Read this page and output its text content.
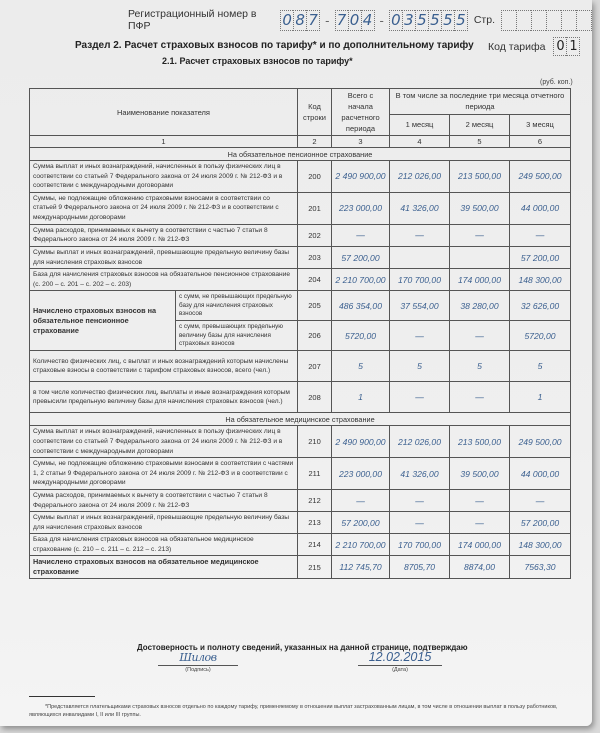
Регистрационный номер в ПФР	0 8 7 - 7 0 4 - 0 3 5 5 5 5 Стр.
Раздел 2. Расчет страховых взносов по тарифу* и по дополнительному тарифу Код тарифа 0 1
2.1. Расчет страховых взносов по тарифу*
(руб. коп.)
Наименование показателя		Код строки	Всего с начала расчетного периода	В том числе за последние три месяца отчетного периода		
				1 месяц	2 месяц	3 месяц
1		2	3	4	5	6
На обязательное пенсионное страхование						
Сумма выплат и иных вознаграждений, начисленных в пользу физических лиц в соответствии со статьей 7 Федерального закона от 24 июля 2009 г. № 212-ФЗ и в соответствии с международными договорами		200	2 490 900,00	212 026,00	213 500,00	249 500,00
Суммы, не подлежащие обложению страховыми взносами в соответствии со статьей 9 Федерального закона от 24 июля 2009 г. № 212-ФЗ и в соответствии с международными договорами		201	223 000,00	41 326,00	39 500,00	44 000,00
Сумма расходов, принимаемых к вычету в соответствии с частью 7 статьи 8 Федерального закона от 24 июля 2009 г. № 212-ФЗ		202	—	—	—	—
Суммы выплат и иных вознаграждений, превышающие предельную величину базы для начисления страховых взносов		203	57 200,00			57 200,00
База для начисления страховых взносов на обязательное пенсионное страхование (с. 200 – с. 201 – с. 202 – с. 203)		204	2 210 700,00	170 700,00	174 000,00	148 300,00
Начислено страховых взносов на обязательное пенсионное страхование	с сумм, не превышающих предельную базу для начисления страховых взносов	205	486 354,00	37 554,00	38 280,00	32 626,00
	с сумм, превышающих предельную величину базы для начисления страховых взносов	206	5720,00	—	—	5720,00
Количество физических лиц, с выплат и иных вознаграждений которым начислены страховые взносы в соответствии с тарифом страховых взносов, всего (чел.)		207	5	5	5	5
в том числе количество физических лиц, выплаты и иные вознаграждения которым превысили предельную величину базы для начисления страховых взносов (чел.)		208	1	—	—	1
На обязательное медицинское страхование						
Сумма выплат и иных вознаграждений, начисленных в пользу физических лиц в соответствии со статьей 7 Федерального закона от 24 июля 2009 г. № 212-ФЗ и в соответствии с международными договорами		210	2 490 900,00	212 026,00	213 500,00	249 500,00
Суммы, не подлежащие обложению страховыми взносами в соответствии с частями 1, 2 статьи 9 Федерального закона от 24 июля 2009 г. № 212-ФЗ и в соответствии с международными договорами		211	223 000,00	41 326,00	39 500,00	44 000,00
Сумма расходов, принимаемых к вычету в соответствии с частью 7 статьи 8 Федерального закона от 24 июля 2009 г. № 212-ФЗ		212	—	—	—	—
Суммы выплат и иных вознаграждений, превышающие предельную величину базы для начисления страховых взносов		213	57 200,00	—	—	57 200,00
База для начисления страховых взносов на обязательное медицинское страхование (с. 210 – с. 211 – с. 212 – с. 213)		214	2 210 700,00	170 700,00	174 000,00	148 300,00
Начислено страховых взносов на обязательное медицинское страхование		215	112 745,70	8705,70	8874,00	7563,30
Достоверность и полноту сведений, указанных на данной странице, подтверждаю
Шилов
(Подпись)
12.02.2015
(Дата)
*Представляется плательщиками страховых взносов отдельно по каждому тарифу, применяемому в отношении выплат застрахованным лицам, в том числе в отношении выплат в пользу работников, являющихся инвалидами I, II или III группы.
